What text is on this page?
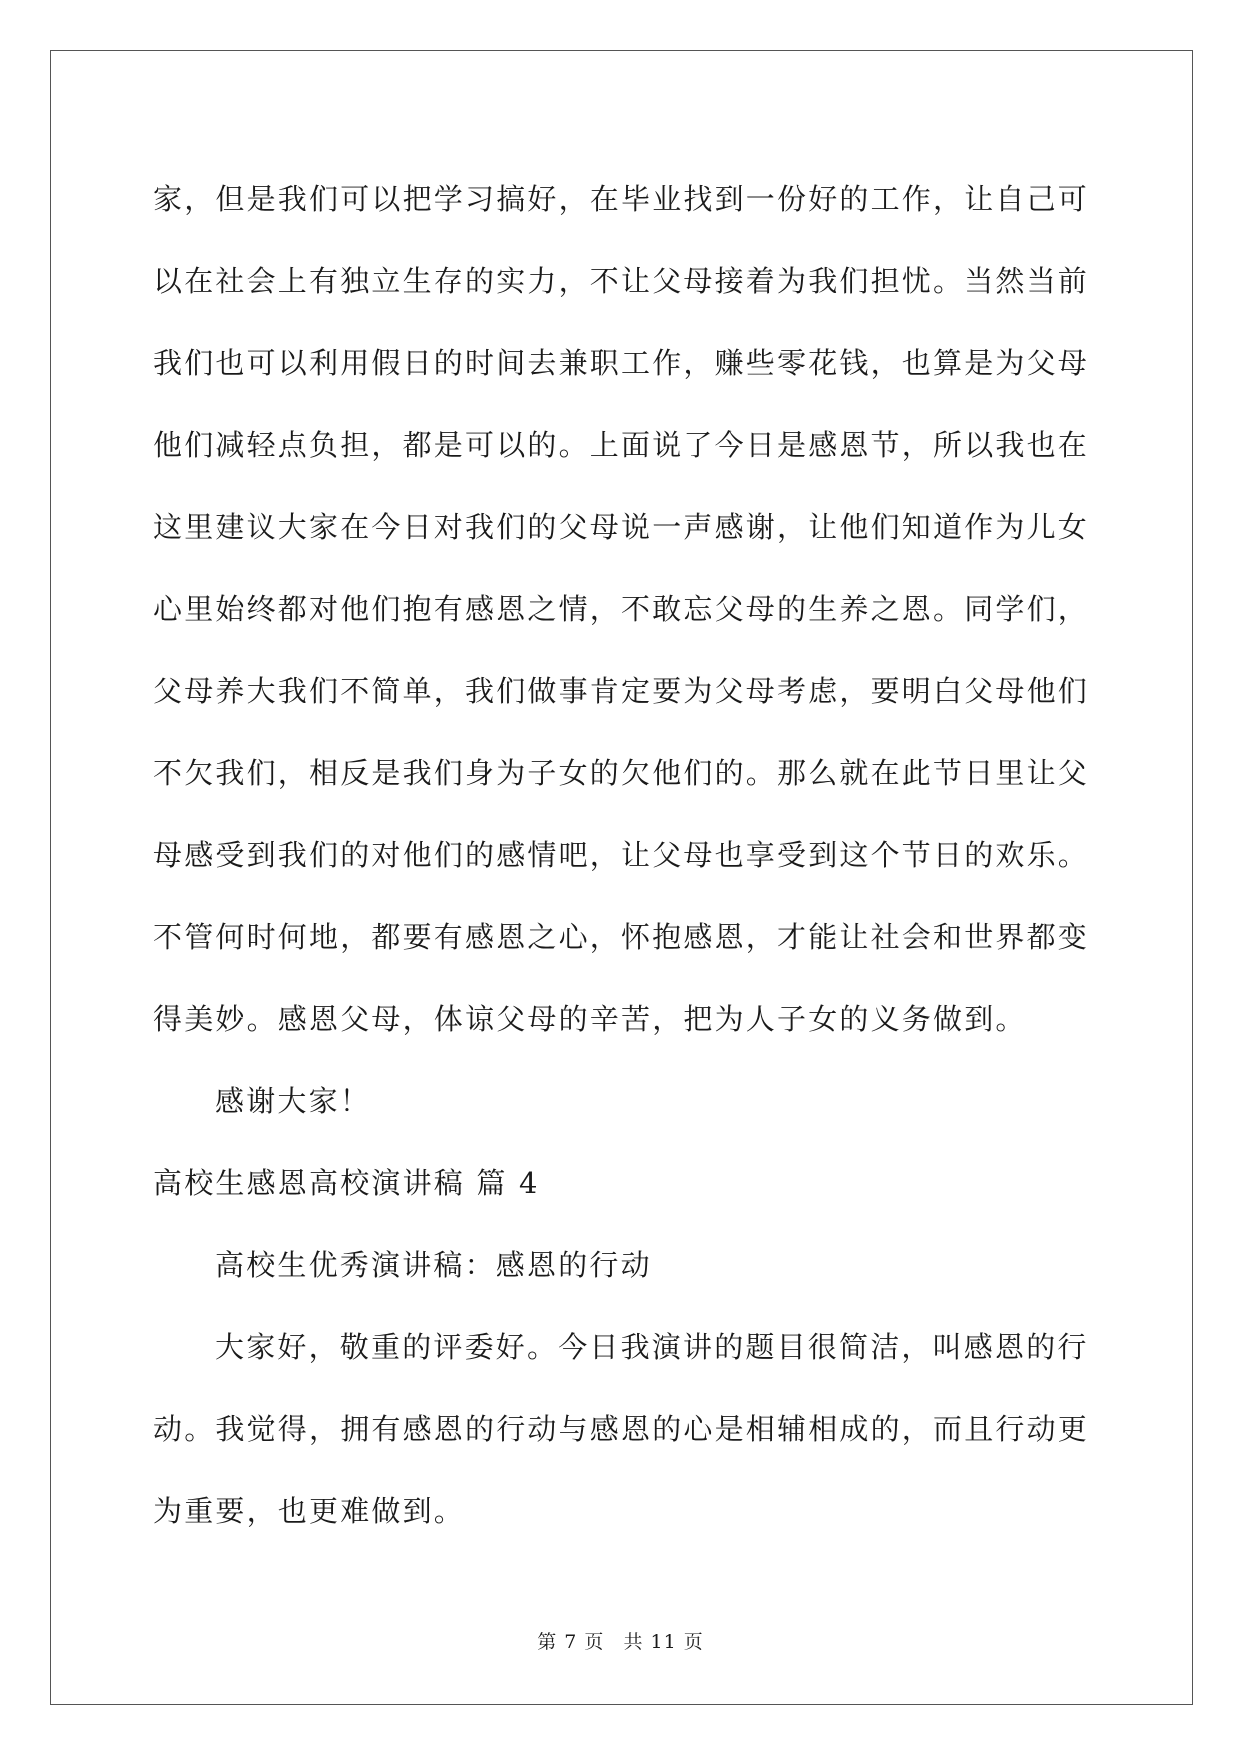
家，但是我们可以把学习搞好，在毕业找到一份好的工作，让自己可
以在社会上有独立生存的实力，不让父母接着为我们担忧。当然当前
我们也可以利用假日的时间去兼职工作，赚些零花钱，也算是为父母
他们减轻点负担，都是可以的。上面说了今日是感恩节，所以我也在
这里建议大家在今日对我们的父母说一声感谢，让他们知道作为儿女
心里始终都对他们抱有感恩之情，不敢忘父母的生养之恩。同学们，
父母养大我们不简单，我们做事肯定要为父母考虑，要明白父母他们
不欠我们，相反是我们身为子女的欠他们的。那么就在此节日里让父
母感受到我们的对他们的感情吧，让父母也享受到这个节日的欢乐。
不管何时何地，都要有感恩之心，怀抱感恩，才能让社会和世界都变
得美妙。感恩父母，体谅父母的辛苦，把为人子女的义务做到。
感谢大家！
高校生感恩高校演讲稿 篇 4
高校生优秀演讲稿：感恩的行动
大家好，敬重的评委好。今日我演讲的题目很简洁，叫感恩的行
动。我觉得，拥有感恩的行动与感恩的心是相辅相成的，而且行动更
为重要，也更难做到。
第 7 页 共 11 页
